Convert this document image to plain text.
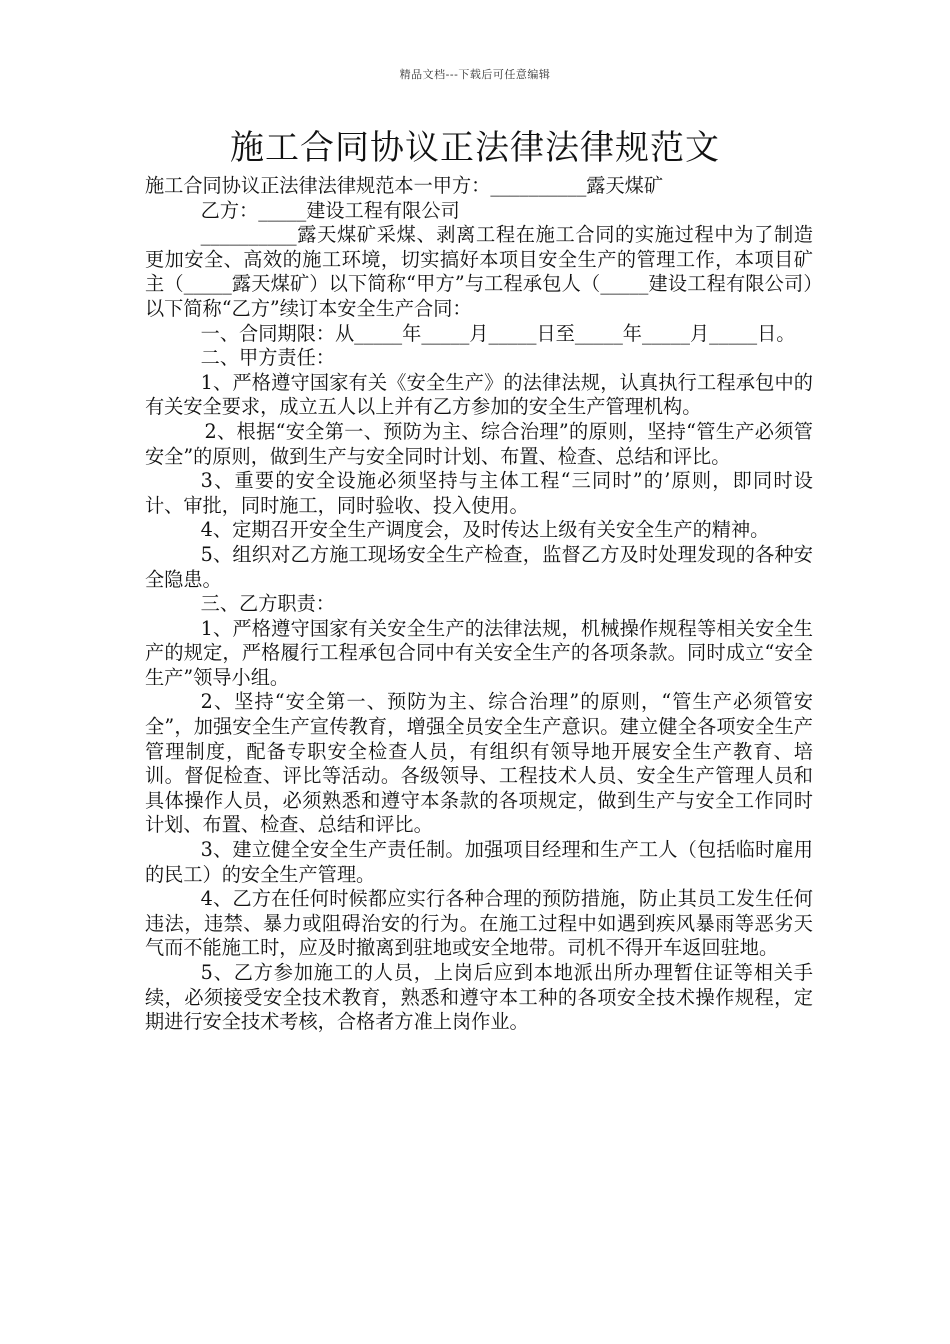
精品文档---下载后可任意编辑
施工合同协议正法律法律规范文

施工合同协议正法律法律规范本一甲方：__________露天煤矿

乙方：_____建设工程有限公司

__________露天煤矿采煤、剥离工程在施工合同的实施过程中为了制造更加安全、高效的施工环境，切实搞好本项目安全生产的管理工作，本项目矿主（_____露天煤矿）以下简称“甲方”与工程承包人（_____建设工程有限公司）以下简称“乙方”续订本安全生产合同：

一、合同期限：从_____年_____月_____日至_____年_____月_____日。

二、甲方责任：

1、严格遵守国家有关《安全生产》的法律法规，认真执行工程承包中的有关安全要求，成立五人以上并有乙方参加的安全生产管理机构。

2、根据“安全第一、预防为主、综合治理”的原则，坚持“管生产必须管安全”的原则，做到生产与安全同时计划、布置、检查、总结和评比。

3、重要的安全设施必须坚持与主体工程“三同时”的’原则，即同时设计、审批，同时施工，同时验收、投入使用。

4、定期召开安全生产调度会，及时传达上级有关安全生产的精神。

5、组织对乙方施工现场安全生产检查，监督乙方及时处理发现的各种安全隐患。

三、乙方职责：

1、严格遵守国家有关安全生产的法律法规，机械操作规程等相关安全生产的规定，严格履行工程承包合同中有关安全生产的各项条款。同时成立“安全生产”领导小组。

2、坚持“安全第一、预防为主、综合治理”的原则，“管生产必须管安全”，加强安全生产宣传教育，增强全员安全生产意识。建立健全各项安全生产管理制度，配备专职安全检查人员，有组织有领导地开展安全生产教育、培训。督促检查、评比等活动。各级领导、工程技术人员、安全生产管理人员和具体操作人员，必须熟悉和遵守本条款的各项规定，做到生产与安全工作同时计划、布置、检查、总结和评比。

3、建立健全安全生产责任制。加强项目经理和生产工人（包括临时雇用的民工）的安全生产管理。

4、乙方在任何时候都应实行各种合理的预防措施，防止其员工发生任何违法，违禁、暴力或阻碍治安的行为。在施工过程中如遇到疾风暴雨等恶劣天气而不能施工时，应及时撤离到驻地或安全地带。司机不得开车返回驻地。

5、乙方参加施工的人员，上岗后应到本地派出所办理暂住证等相关手续，必须接受安全技术教育，熟悉和遵守本工种的各项安全技术操作规程，定期进行安全技术考核，合格者方准上岗作业。
